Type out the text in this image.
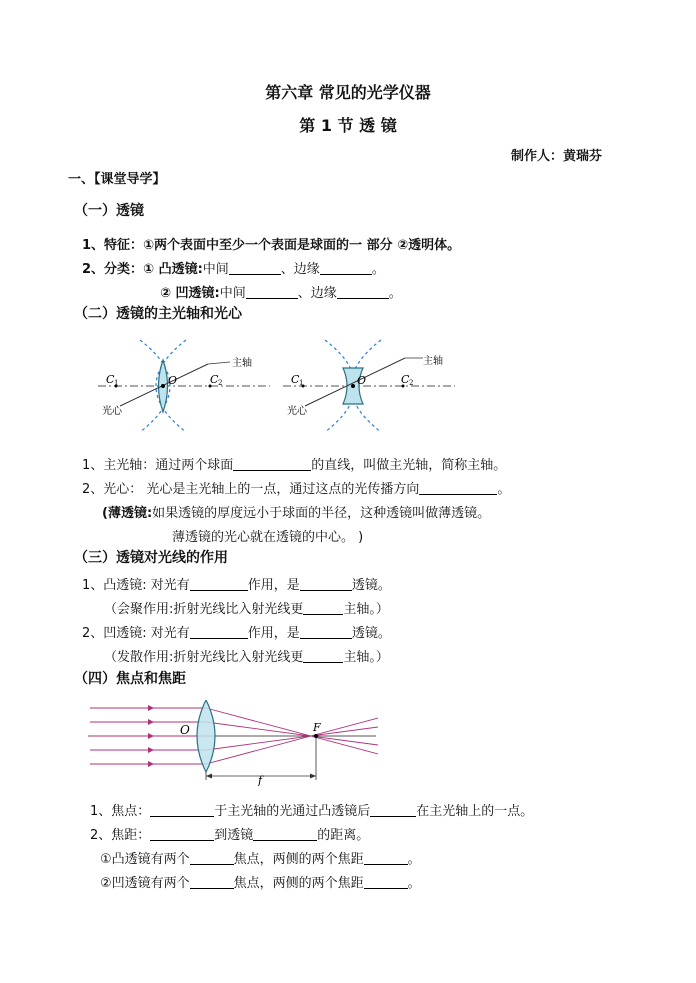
第六章 常见的光学仪器
第 1 节 透 镜
制作人：黄瑞芬
一、【课堂导学】
（一）透镜
1、特征：①两个表面中至少一个表面是球面的一 部分 ②透明体。
2、分类：① 凸透镜:中间	、边缘	。
② 凹透镜:中间	、边缘	。
（二）透镜的主光轴和光心
主轴
C 1	C 2
O
光心
主轴
C 1	C 2
O
光心
1、主光轴：通过两个球面	的直线，叫做主光轴，简称主轴。
2、光心： 光心是主光轴上的一点，通过这点的光传播方向	。
(薄透镜:如果透镜的厚度远小于球面的半径，这种透镜叫做薄透镜。
薄透镜的光心就在透镜的中心。 )
（三）透镜对光线的作用
1、凸透镜: 对光有	作用，是	透镜。
（会聚作用:折射光线比入射光线更	主轴。）
2、凹透镜: 对光有	作用，是	透镜。
（发散作用:折射光线比入射光线更	主轴。）
（四）焦点和焦距
O	F
f
1、焦点：	于主光轴的光通过凸透镜后	在主光轴上的一点。
2、焦距：	到透镜	的距离。
①凸透镜有两个	焦点，两侧的两个焦距	。
②凹透镜有两个	焦点，两侧的两个焦距	。
